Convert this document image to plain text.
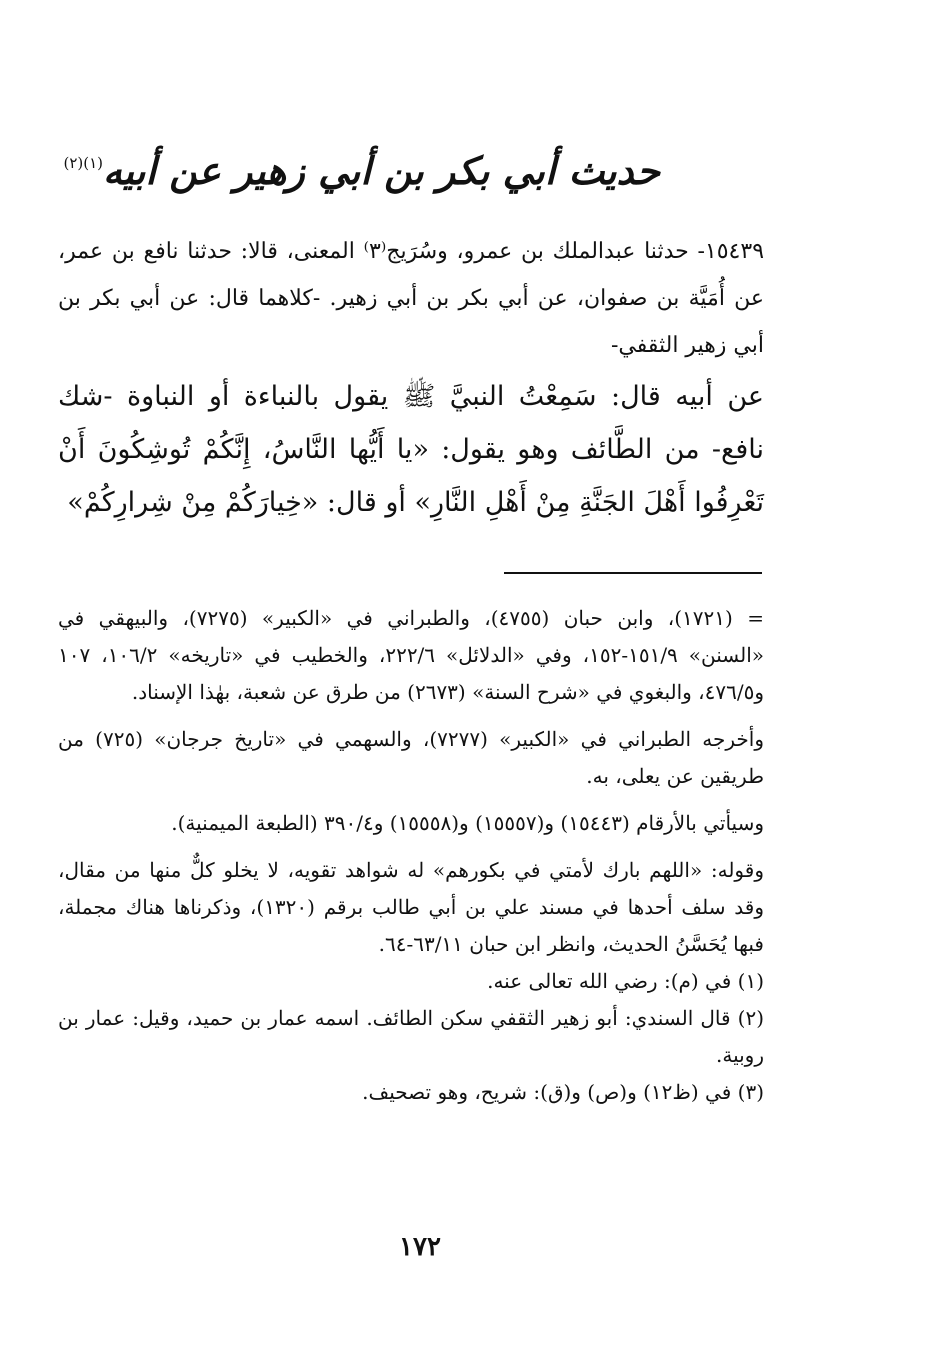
حديث أبي بكر بن أبي زهير عن أبيه$^{(١)(٢)}$
١٥٤٣٩- حدثنا عبدالملك بن عمرو، وسُرَيج⁽٣⁾ المعنى، قالا: حدثنا نافع بن عمر، عن أُمَيَّة بن صفوان، عن أبي بكر بن أبي زهير. -كلاهما قال: عن أبي بكر بن أبي زهير الثقفي-
عن أبيه قال: سَمِعْتُ النبيَّ ﷺ يقول بالنباءة أو النباوة -شك نافع- من الطَّائف وهو يقول: «يا أَيُّها النَّاسُ، إِنَّكُمْ تُوشِكُونَ أَنْ تَعْرِفُوا أَهْلَ الجَنَّةِ مِنْ أَهْلِ النَّارِ» أو قال: «خِيارَكُمْ مِنْ شِرارِكُمْ»

= (١٧٢١)، وابن حبان (٤٧٥٥)، والطبراني في «الكبير» (٧٢٧٥)، والبيهقي في «السنن» ١٥١/٩-١٥٢، وفي «الدلائل» ٢٢٢/٦، والخطيب في «تاريخه» ١٠٦/٢، ١٠٧ و٤٧٦/٥، والبغوي في «شرح السنة» (٢٦٧٣) من طرق عن شعبة، بهٰذا الإسناد.

وأخرجه الطبراني في «الكبير» (٧٢٧٧)، والسهمي في «تاريخ جرجان» (٧٢٥) من طريقين عن يعلى، به.

وسيأتي بالأرقام (١٥٤٤٣) و(١٥٥٥٧) و(١٥٥٥٨) و٣٩٠/٤ (الطبعة الميمنية).

وقوله: «اللهم بارك لأمتي في بكورهم» له شواهد تقويه، لا يخلو كلٌّ منها من مقال، وقد سلف أحدها في مسند علي بن أبي طالب برقم (١٣٢٠)، وذكرناها هناك مجملة، فبها يُحَسَّنُ الحديث، وانظر ابن حبان ٦٣/١١-٦٤.

(١) في (م): رضي الله تعالى عنه.

(٢) قال السندي: أبو زهير الثقفي سكن الطائف. اسمه عمار بن حميد، وقيل: عمار بن روبية.

(٣) في (ظ١٢) و(ص) و(ق): شريح، وهو تصحيف.

١٧٢
